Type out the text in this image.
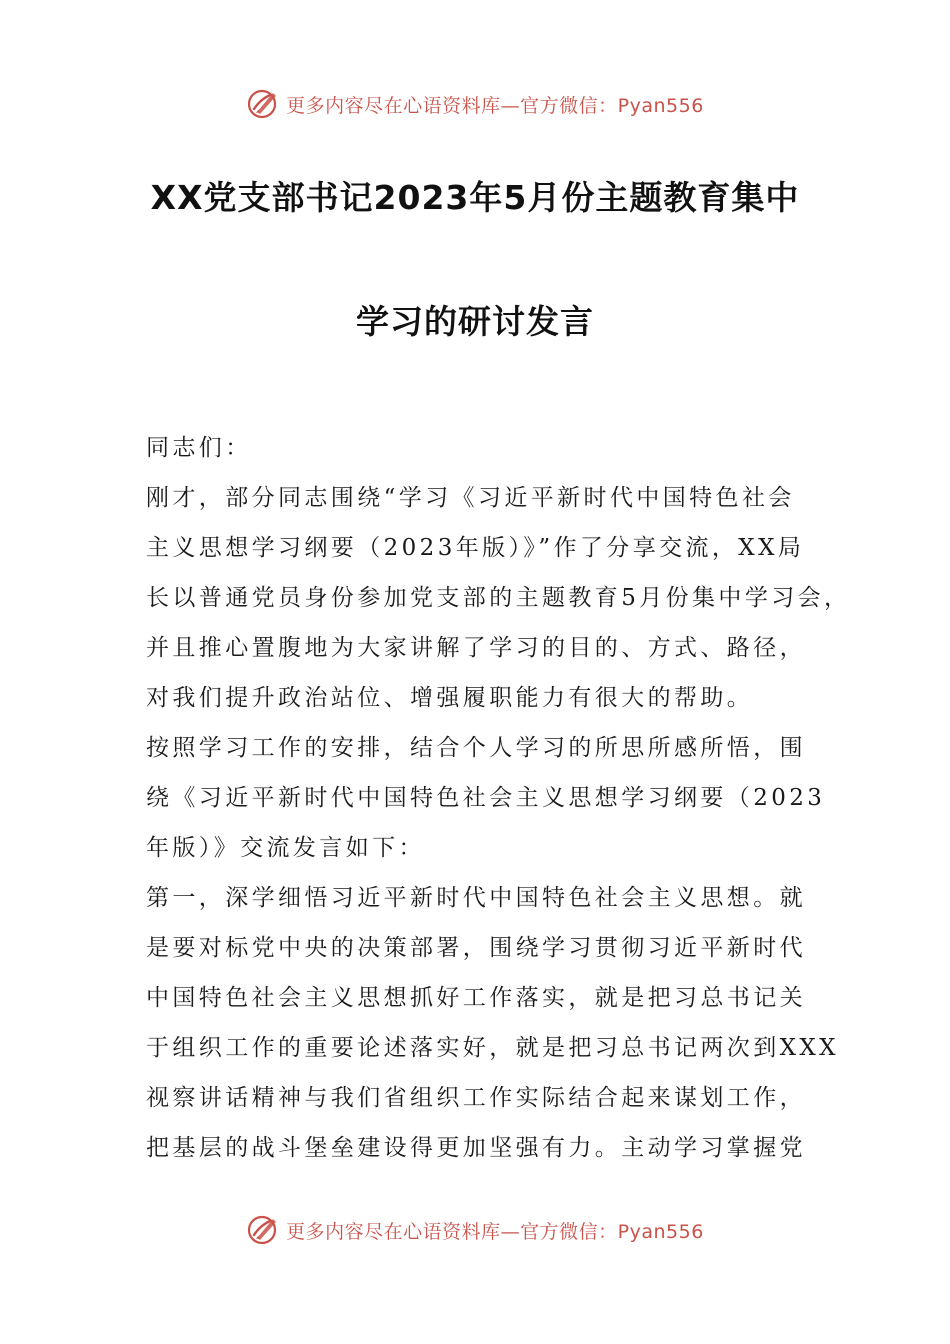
更多内容尽在心语资料库—官方微信：Pyan556
XX党支部书记2023年5月份主题教育集中
学习的研讨发言
同志们：
刚才，部分同志围绕“学习《习近平新时代中国特色社会
主义思想学习纲要（2023年版）》”作了分享交流，XX局
长以普通党员身份参加党支部的主题教育5月份集中学习会，
并且推心置腹地为大家讲解了学习的目的、方式、路径，
对我们提升政治站位、增强履职能力有很大的帮助。
按照学习工作的安排，结合个人学习的所思所感所悟，围
绕《习近平新时代中国特色社会主义思想学习纲要（2023
年版）》交流发言如下：
第一，深学细悟习近平新时代中国特色社会主义思想。就
是要对标党中央的决策部署，围绕学习贯彻习近平新时代
中国特色社会主义思想抓好工作落实，就是把习总书记关
于组织工作的重要论述落实好，就是把习总书记两次到XXX
视察讲话精神与我们省组织工作实际结合起来谋划工作，
把基层的战斗堡垒建设得更加坚强有力。主动学习掌握党
更多内容尽在心语资料库—官方微信：Pyan556
